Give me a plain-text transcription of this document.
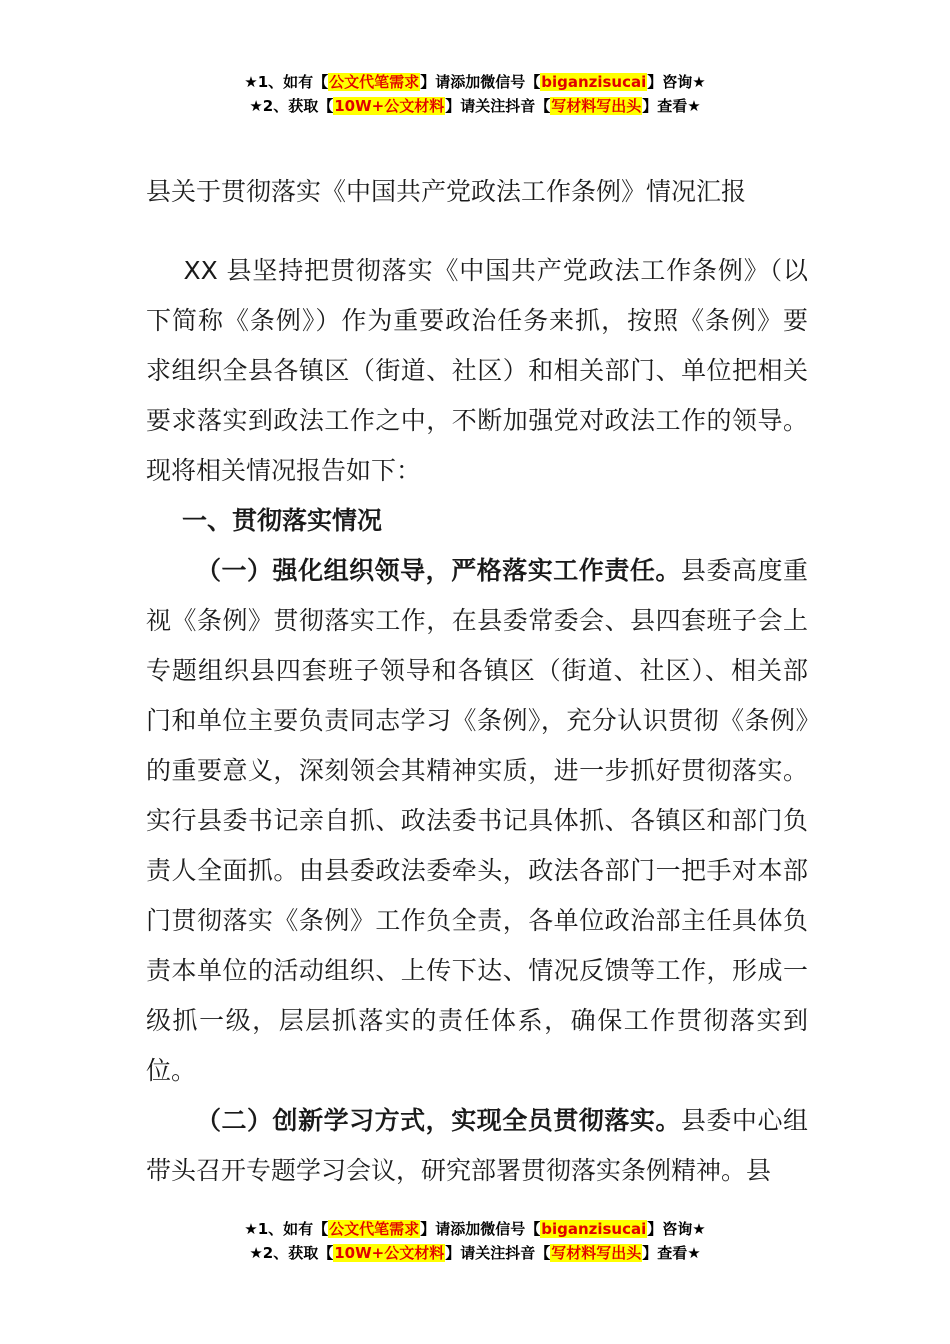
★1、如有【公文代笔需求】请添加微信号【biganzisucai】咨询★
★2、获取【10W+公文材料】请关注抖音【写材料写出头】查看★
县关于贯彻落实《中国共产党政法工作条例》情况汇报

XX 县坚持把贯彻落实《中国共产党政法工作条例》（以下简称《条例》）作为重要政治任务来抓，按照《条例》要求组织全县各镇区（街道、社区）和相关部门、单位把相关要求落实到政法工作之中，不断加强党对政法工作的领导。现将相关情况报告如下：

一、贯彻落实情况

（一）强化组织领导，严格落实工作责任。县委高度重视《条例》贯彻落实工作，在县委常委会、县四套班子会上专题组织县四套班子领导和各镇区（街道、社区）、相关部门和单位主要负责同志学习《条例》，充分认识贯彻《条例》的重要意义，深刻领会其精神实质，进一步抓好贯彻落实。实行县委书记亲自抓、政法委书记具体抓、各镇区和部门负责人全面抓。由县委政法委牵头，政法各部门一把手对本部门贯彻落实《条例》工作负全责，各单位政治部主任具体负责本单位的活动组织、上传下达、情况反馈等工作，形成一级抓一级，层层抓落实的责任体系，确保工作贯彻落实到位。

（二）创新学习方式，实现全员贯彻落实。县委中心组带头召开专题学习会议，研究部署贯彻落实条例精神。县

★1、如有【公文代笔需求】请添加微信号【biganzisucai】咨询★
★2、获取【10W+公文材料】请关注抖音【写材料写出头】查看★
